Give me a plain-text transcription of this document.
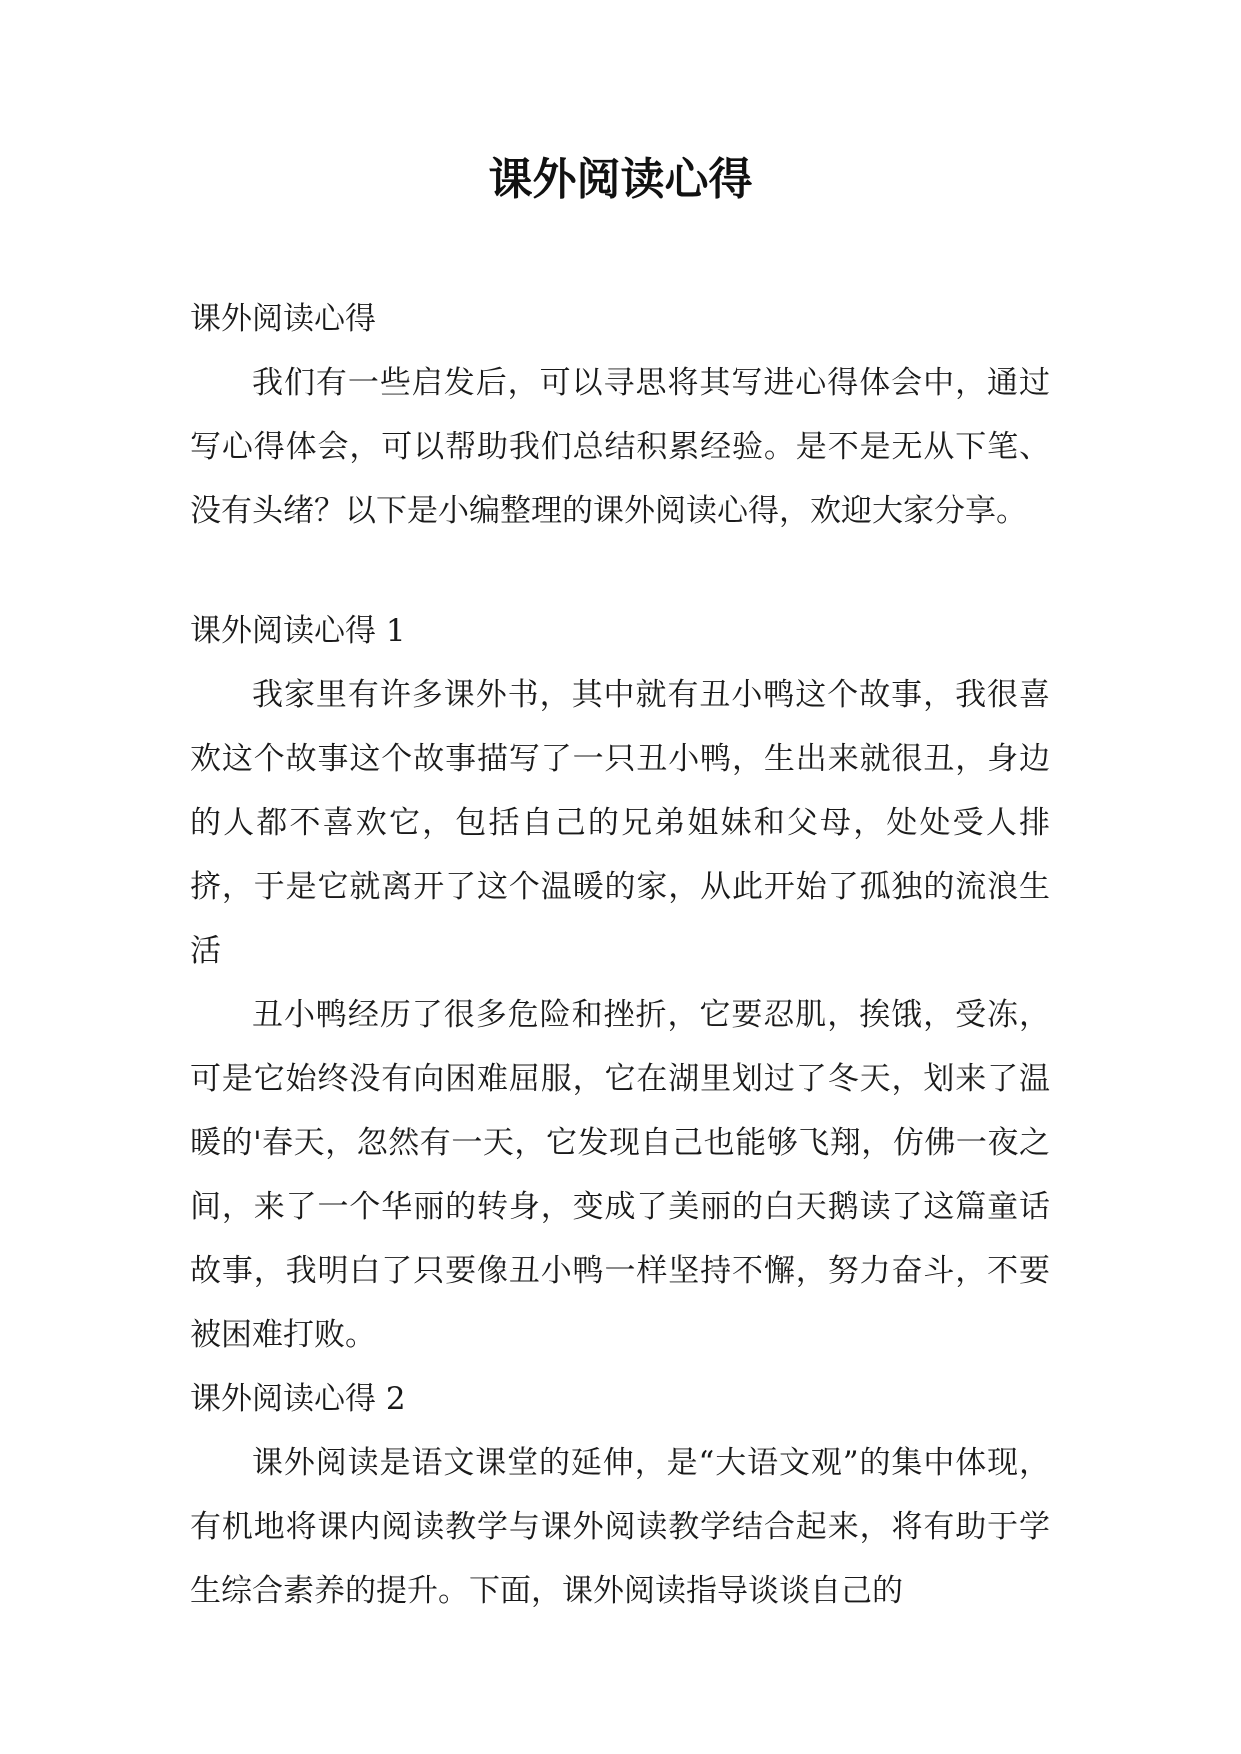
课外阅读心得

课外阅读心得

我们有一些启发后，可以寻思将其写进心得体会中，通过写心得体会，可以帮助我们总结积累经验。是不是无从下笔、没有头绪？以下是小编整理的课外阅读心得，欢迎大家分享。

课外阅读心得 1

我家里有许多课外书，其中就有丑小鸭这个故事，我很喜欢这个故事这个故事描写了一只丑小鸭，生出来就很丑，身边的人都不喜欢它，包括自己的兄弟姐妹和父母，处处受人排挤，于是它就离开了这个温暖的家，从此开始了孤独的流浪生活

丑小鸭经历了很多危险和挫折，它要忍肌，挨饿，受冻，可是它始终没有向困难屈服，它在湖里划过了冬天，划来了温暖的'春天，忽然有一天，它发现自己也能够飞翔，仿佛一夜之间，来了一个华丽的转身，变成了美丽的白天鹅读了这篇童话故事，我明白了只要像丑小鸭一样坚持不懈，努力奋斗，不要被困难打败。

课外阅读心得 2

课外阅读是语文课堂的延伸，是“大语文观”的集中体现，有机地将课内阅读教学与课外阅读教学结合起来，将有助于学生综合素养的提升。下面，课外阅读指导谈谈自己的
